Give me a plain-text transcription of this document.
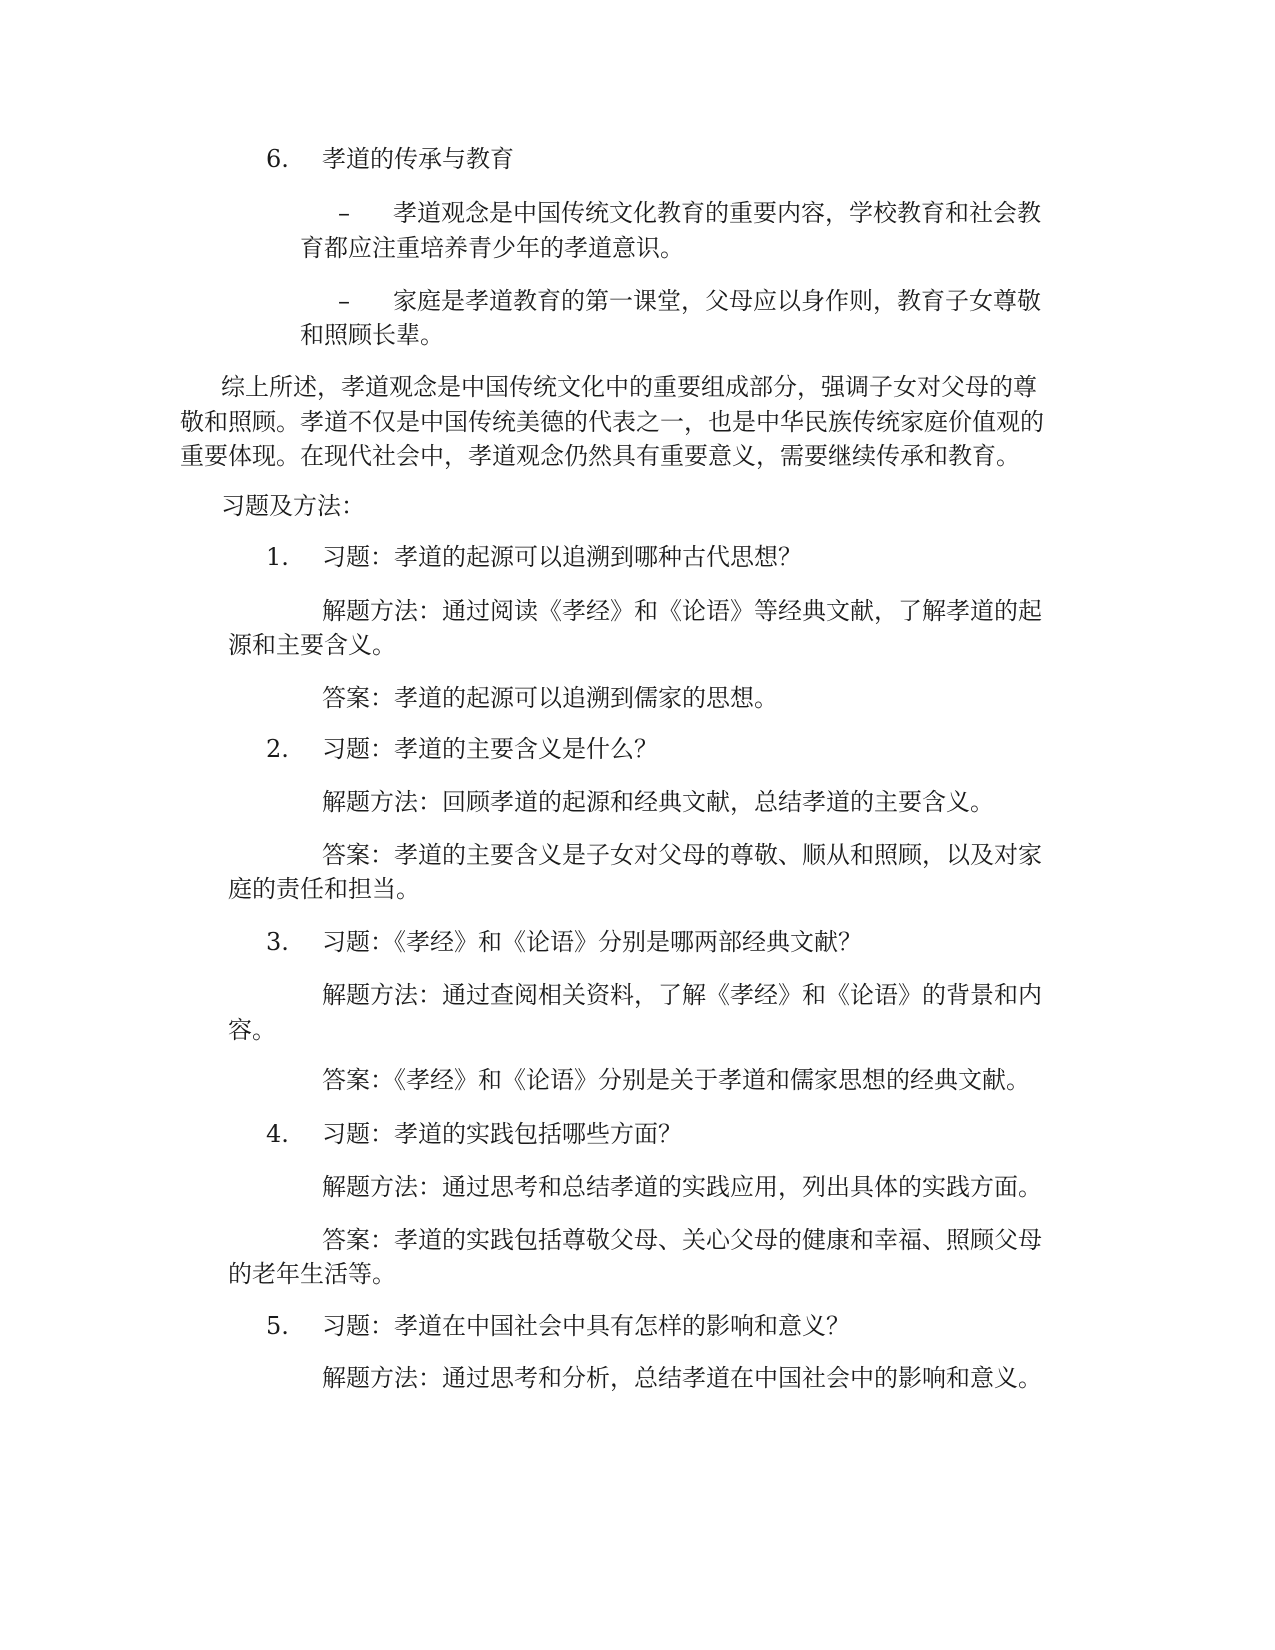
6. 孝道的传承与教育
– 孝道观念是中国传统文化教育的重要内容，学校教育和社会教
育都应注重培养青少年的孝道意识。
– 家庭是孝道教育的第一课堂，父母应以身作则，教育子女尊敬
和照顾长辈。
综上所述，孝道观念是中国传统文化中的重要组成部分，强调子女对父母的尊
敬和照顾。孝道不仅是中国传统美德的代表之一，也是中华民族传统家庭价值观的
重要体现。在现代社会中，孝道观念仍然具有重要意义，需要继续传承和教育。
习题及方法：
1. 习题：孝道的起源可以追溯到哪种古代思想？
解题方法：通过阅读《孝经》和《论语》等经典文献，了解孝道的起
源和主要含义。
答案：孝道的起源可以追溯到儒家的思想。
2. 习题：孝道的主要含义是什么？
解题方法：回顾孝道的起源和经典文献，总结孝道的主要含义。
答案：孝道的主要含义是子女对父母的尊敬、顺从和照顾，以及对家
庭的责任和担当。
3. 习题：《孝经》和《论语》分别是哪两部经典文献？
解题方法：通过查阅相关资料，了解《孝经》和《论语》的背景和内
容。
答案：《孝经》和《论语》分别是关于孝道和儒家思想的经典文献。
4. 习题：孝道的实践包括哪些方面？
解题方法：通过思考和总结孝道的实践应用，列出具体的实践方面。
答案：孝道的实践包括尊敬父母、关心父母的健康和幸福、照顾父母
的老年生活等。
5. 习题：孝道在中国社会中具有怎样的影响和意义？
解题方法：通过思考和分析，总结孝道在中国社会中的影响和意义。
